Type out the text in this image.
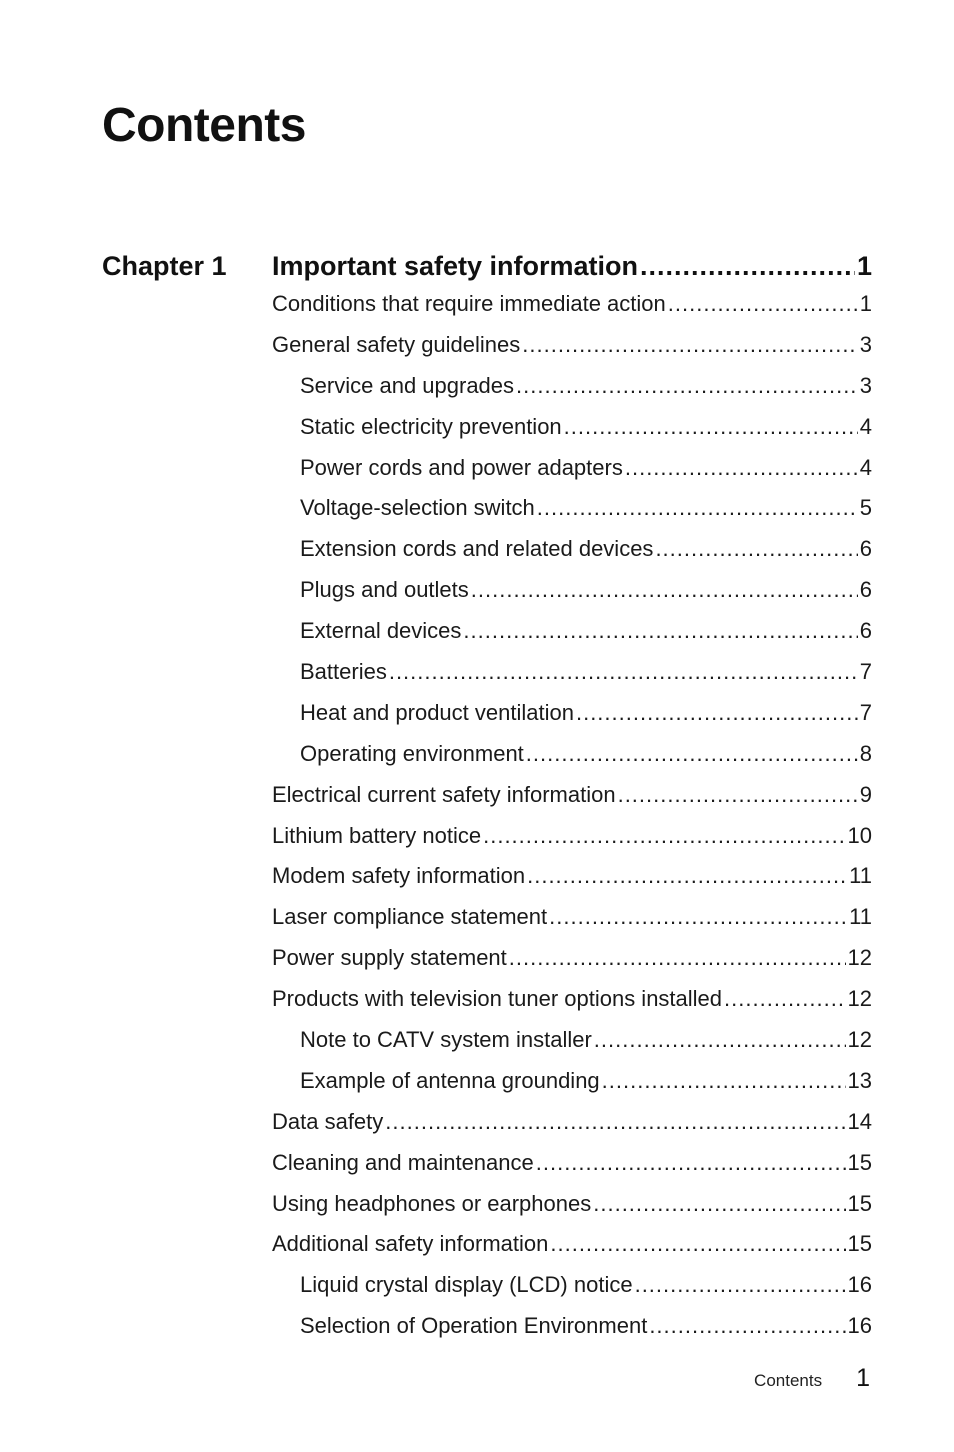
Contents
Chapter 1 Important safety information .....	1
Conditions that require immediate action .....	1
General safety guidelines .....	3
Service and upgrades .....	3
Static electricity prevention .....	4
Power cords and power adapters .....	4
Voltage-selection switch .....	5
Extension cords and related devices .....	6
Plugs and outlets .....	6
External devices .....	6
Batteries .....	7
Heat and product ventilation .....	7
Operating environment .....	8
Electrical current safety information .....	9
Lithium battery notice .....	10
Modem safety information .....	11
Laser compliance statement .....	11
Power supply statement .....	12
Products with television tuner options installed .....	12
Note to CATV system installer .....	12
Example of antenna grounding .....	13
Data safety .....	14
Cleaning and maintenance .....	15
Using headphones or earphones .....	15
Additional safety information .....	15
Liquid crystal display (LCD) notice .....	16
Selection of Operation Environment .....	16
Contents 1
